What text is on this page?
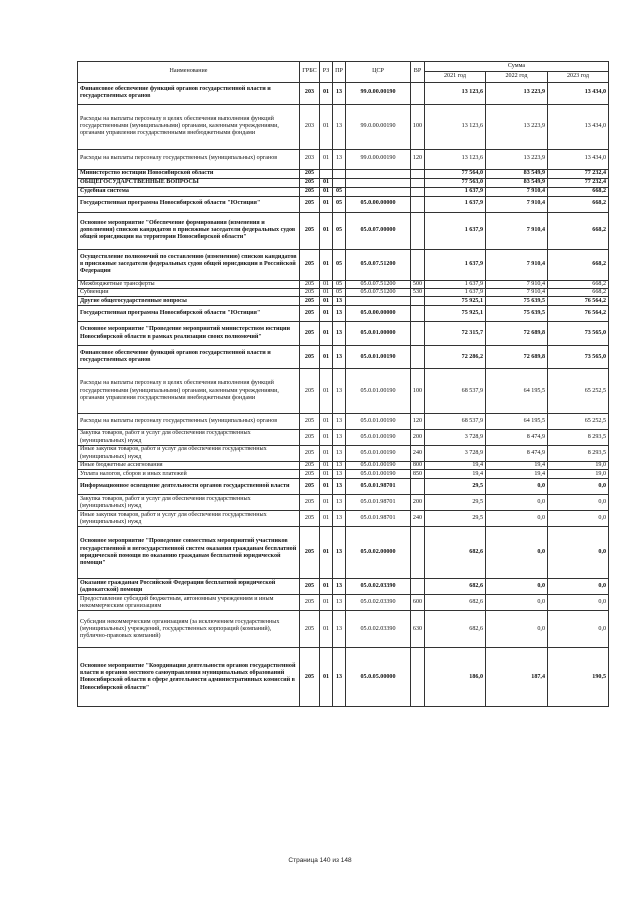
Наименование	ГРБС	РЗ	ПР	ЦСР	ВР	Сумма		
						2021 год	2022 год	2023 год
Финансовое обеспечение функций органов государственной власти и государственных органов	203	01	13	99.0.00.00190		13 123,6	13 223,9	13 434,0
Расходы на выплаты персоналу в целях обеспечения выполнения функций государственными (муниципальными) органами, казенными учреждениями, органами управления государственными внебюджетными фондами	203	01	13	99.0.00.00190	100	13 123,6	13 223,9	13 434,0
Расходы на выплаты персоналу государственных (муниципальных) органов	203	01	13	99.0.00.00190	120	13 123,6	13 223,9	13 434,0
Министерство юстиции Новосибирской области	205					77 564,0	83 549,9	77 232,4
ОБЩЕГОСУДАРСТВЕННЫЕ ВОПРОСЫ	205	01				77 563,0	83 549,9	77 232,4
Судебная система	205	01	05			1 637,9	7 910,4	668,2
Государственная программа Новосибирской области "Юстиция"	205	01	05	05.0.00.00000		1 637,9	7 910,4	668,2
Основное мероприятие "Обеспечение формирования (изменения и дополнения) списков кандидатов в присяжные заседатели федеральных судов общей юрисдикции на территории Новосибирской области"	205	01	05	05.0.07.00000		1 637,9	7 910,4	668,2
Осуществление полномочий по составлению (изменению) списков кандидатов в присяжные заседатели федеральных судов общей юрисдикции в Российской Федерации	205	01	05	05.0.07.51200		1 637,9	7 910,4	668,2
Межбюджетные трансферты	205	01	05	05.0.07.51200	500	1 637,9	7 910,4	668,2
Субвенции	205	01	05	05.0.07.51200	530	1 637,9	7 910,4	668,2
Другие общегосударственные вопросы	205	01	13			75 925,1	75 639,5	76 564,2
Государственная программа Новосибирской области "Юстиция"	205	01	13	05.0.00.00000		75 925,1	75 639,5	76 564,2
Основное мероприятие "Проведение мероприятий министерством юстиции Новосибирской области в рамках реализации своих полномочий"	205	01	13	05.0.01.00000		72 315,7	72 689,8	73 565,0
Финансовое обеспечение функций органов государственной власти и государственных органов	205	01	13	05.0.01.00190		72 286,2	72 689,8	73 565,0
Расходы на выплаты персоналу в целях обеспечения выполнения функций государственными (муниципальными) органами, казенными учреждениями, органами управления государственными внебюджетными фондами	205	01	13	05.0.01.00190	100	68 537,9	64 195,5	65 252,5
Расходы на выплаты персоналу государственных (муниципальных) органов	205	01	13	05.0.01.00190	120	68 537,9	64 195,5	65 252,5
Закупка товаров, работ и услуг для обеспечения государственных (муниципальных) нужд	205	01	13	05.0.01.00190	200	3 728,9	8 474,9	8 293,5
Иные закупки товаров, работ и услуг для обеспечения государственных (муниципальных) нужд	205	01	13	05.0.01.00190	240	3 728,9	8 474,9	8 293,5
Иные бюджетные ассигнования	205	01	13	05.0.01.00190	800	19,4	19,4	19,0
Уплата налогов, сборов и иных платежей	205	01	13	05.0.01.00190	850	19,4	19,4	19,0
Информационное освещение деятельности органов государственной власти	205	01	13	05.0.01.98701		29,5	0,0	0,0
Закупка товаров, работ и услуг для обеспечения государственных (муниципальных) нужд	205	01	13	05.0.01.98701	200	29,5	0,0	0,0
Иные закупки товаров, работ и услуг для обеспечения государственных (муниципальных) нужд	205	01	13	05.0.01.98701	240	29,5	0,0	0,0
Основное мероприятие "Проведение совместных мероприятий участников государственной и негосударственной систем оказания гражданам бесплатной юридической помощи по оказанию гражданам бесплатной юридической помощи"	205	01	13	05.0.02.00000		682,6	0,0	0,0
Оказание гражданам Российской Федерации бесплатной юридической (адвокатской) помощи	205	01	13	05.0.02.03390		682,6	0,0	0,0
Предоставление субсидий бюджетным, автономным учреждениям и иным некоммерческим организациям	205	01	13	05.0.02.03390	600	682,6	0,0	0,0
Субсидии некоммерческим организациям (за исключением государственных (муниципальных) учреждений, государственных корпораций (компаний), публично-правовых компаний)	205	01	13	05.0.02.03390	630	682,6	0,0	0,0
Основное мероприятие "Координация деятельности органов государственной власти и органов местного самоуправления муниципальных образований Новосибирской области в сфере деятельности административных комиссий в Новосибирской области"	205	01	13	05.0.05.00000		186,0	187,4	190,5
Страница 140 из 148
